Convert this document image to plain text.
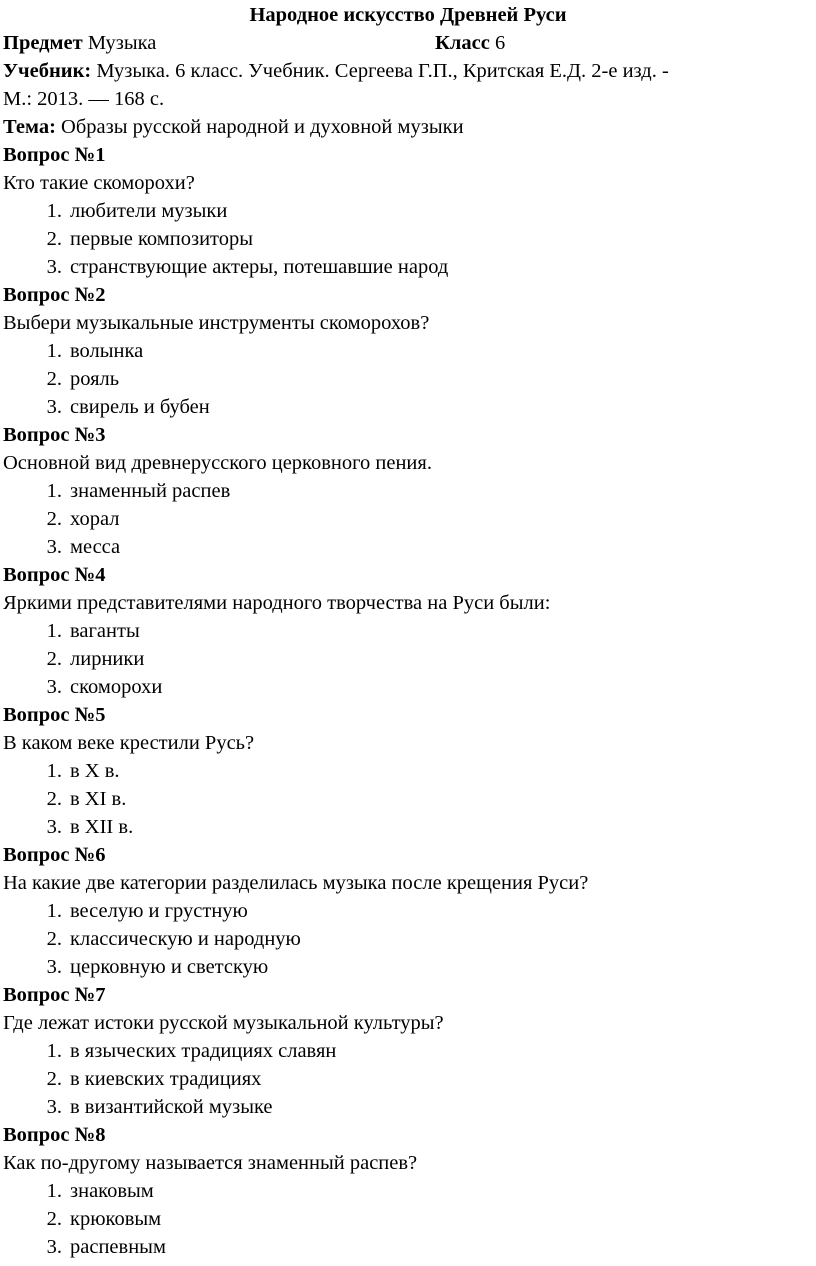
Народное искусство Древней Руси
Предмет Музыка	Класс 6
Учебник: Музыка. 6 класс. Учебник. Сергеева Г.П., Критская Е.Д. 2-е изд. -
М.: 2013. — 168 с.
Тема: Образы русской народной и духовной музыки
Вопрос №1
Кто такие скоморохи?
1. любители музыки
2. первые композиторы
3. странствующие актеры, потешавшие народ
Вопрос №2
Выбери музыкальные инструменты скоморохов?
1. волынка
2. рояль
3. свирель и бубен
Вопрос №3
Основной вид древнерусского церковного пения.
1. знаменный распев
2. хорал
3. месса
Вопрос №4
Яркими представителями народного творчества на Руси были:
1. ваганты
2. лирники
3. скоморохи
Вопрос №5
В каком веке крестили Русь?
1. в Х в.
2. в XI в.
3. в XII в.
Вопрос №6
На какие две категории разделилась музыка после крещения Руси?
1. веселую и грустную
2. классическую и народную
3. церковную и светскую
Вопрос №7
Где лежат истоки русской музыкальной культуры?
1. в языческих традициях славян
2. в киевских традициях
3. в византийской музыке
Вопрос №8
Как по-другому называется знаменный распев?
1. знаковым
2. крюковым
3. распевным
